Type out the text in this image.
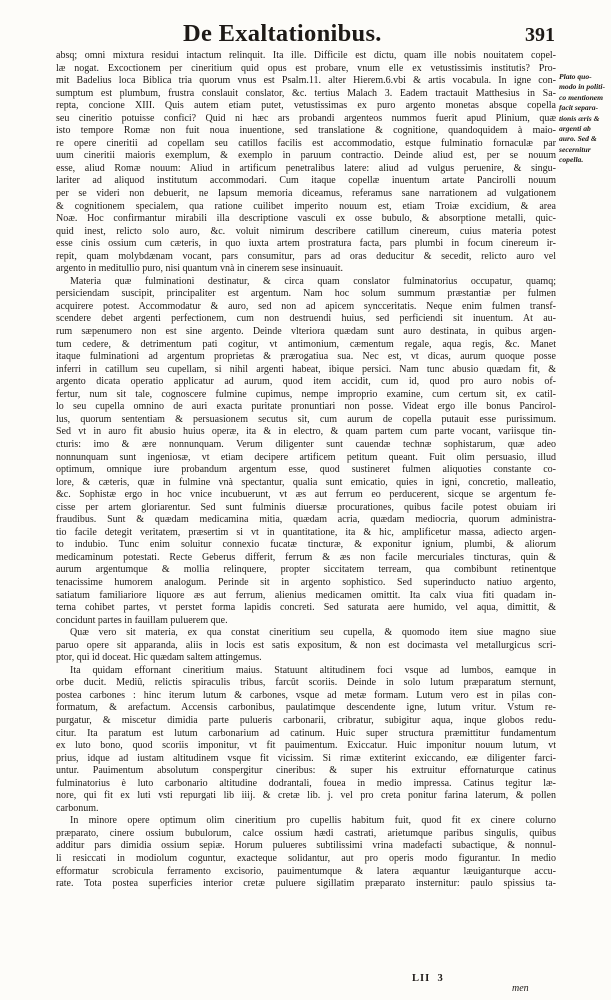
De Exaltationibus.	391
absq; omni mixtura residui intactum relinquit. Ita ille. Difficile est dictu, quam ille nobis nouitatem copel-
læ nogat. Excoctionem per cineritium quid opus est probare, vnum elle ex vetustissimis institutis? Pro-
mit Badelius loca Biblica tria quorum vnus est Psalm.11. alter Hierem.6.vbi & artis vocabula. In igne con-
sumptum est plumbum, frustra conslauit conslator, &c. tertius Malach 3. Eadem tractauit Matthesius in Sa-
repta, concione XIII. Quis autem etiam putet, vetustissimas ex puro argento monetas absque copella
seu cineritio potuisse confici? Quid ni hæc ars probandi argenteos nummos fuerit apud Plinium, quæ
isto tempore Romæ non fuit noua inuentione, sed translatione & cognitione, quandoquidem à maio-
re opere cineritii ad copellam seu catillos facilis est accommodatio, estque fulminatio fornaculæ par
uum cineritii maioris exemplum, & exemplo in paruum contractio. Deinde aliud est, per se nouum
esse, aliud Romæ nouum: Aliud in artificum penetralibus latere: aliud ad vulgus peruenire, & singu-
lariter ad aliquod institutum accommodari. Cum itaque copellæ inuentum artate Pancirolli nouum
per se videri non debuerit, ne Iapsum memoria diceamus, referamus sane narrationem ad vulgationem
& cognitionem specialem, qua ratione cuilibet imperito nouum est, etiam Troiæ excidium, & area
Noæ. Hoc confirmantur mirabili illa descriptione vasculi ex osse bubulo, & absorptione metalli, quic-
quid inest, relicto solo auro, &c. voluit nimirum describere catillum cinereum, cuius materia potest
esse cinis ossium cum cæteris, in quo iuxta artem prostratura facta, pars plumbi in focum cinereum ir-
repit, quam molybdænam vocant, pars consumitur, pars ad oras deducitur & secedit, relicto auro vel
argento in meditullio puro, nisi quantum vnà in cinerem sese insinuauit.
Materia quæ fulminationi destinatur, & circa quam conslator fulminatorius occupatur, quamq;
persiciendam suscipit, principaliter est argentum. Nam hoc solum summum præstantiæ per fulmen
acquirere potest. Accommodatur & auro, sed non ad apicem syncceritatis. Neque enim fulmen transf-
scendere debet argenti perfectionem, cum non destruendi huius, sed perficiendi sit inuentum. At au-
rum sæpenumero non est sine argento. Deinde vlteriora quædam sunt auro destinata, in quibus argen-
tum cedere, & detrimentum pati cogitur, vt antimonium, cæmentum regale, aqua regis, &c. Manet
itaque fulminationi ad argentum proprietas & prærogatiua sua. Nec est, vt dicas, aurum quoque posse
inferri in catillum seu cupellam, si nihil argenti habeat, ibique persici. Nam tunc abusio quædam fit, &
argento dicata operatio applicatur ad aurum, quod item accidit, cum id, quod pro auro nobis of-
fertur, num sit tale, cognoscere fulmine cupimus, nempe improprio examine, cum certum sit, ex catil-
lo seu cupella omnino de auri exacta puritate pronuntiari non posse. Videat ergo ille bonus Pancirol-
lus, quorum sententiam & persuasionem secutus sit, cum aurum de copella putauit esse purissimum.
Sed vt in auro fit abusio huius operæ, ita & in electro, & quam partem cum parte vocant, variisque tin-
cturis: imo & ære nonnunquam. Verum diligenter sunt cauendæ technæ sophistarum, quæ adeo
nonnunquam sunt ingeniosæ, vt etiam decipere artificem petitum queant. Fuit olim persuasio, illud
optimum, omnique iure probandum argentum esse, quod sustineret fulmen aliquoties constante co-
lore, & cæteris, quæ in fulmine vnà spectantur, qualia sunt emicatio, quies in igni, concretio, malleatio,
&c. Sophistæ ergo in hoc vnice incubuerunt, vt æs aut ferrum eo perducerent, sicque se argentum fe-
cisse per artem gloriarentur. Sed sunt fulminis diuersæ procurationes, quibus facile potest obuiam iri
fraudibus. Sunt & quædam medicamina mitia, quædam acria, quædam mediocria, quorum administra-
tio facile detegit veritatem, præsertim si vt in quantitatione, ita & hic, amplificetur massa, adiecto argen-
to indubio. Tunc enim soluitur connexio fucatæ tincturæ, & exponitur ignium, plumbi, & aliorum
medicaminum potestati. Recte Geberus differit, ferrum & æs non facile mercuriales tincturas, quin &
aurum argentumque & mollia relinquere, propter siccitatem terream, qua combibunt retinentque
tenacissime humorem analogum. Perinde sit in argento sophistico. Sed superinducto natiuo argento,
satiatum familiariore liquore æs aut ferrum, alienius medicamen omittit. Ita calx viua fiti quadam in-
terna cohibet partes, vt perstet forma lapidis concreti. Sed saturata aere humido, vel aqua, dimittit, &
concidunt partes in fauillam puluerem que.
Quæ vero sit materia, ex qua constat cineritium seu cupella, & quomodo item siue magno siue
paruo opere sit apparanda, aliis in locis est satis expositum, & non est docimasta vel metallurgicus scri-
ptor, qui id doceat. Hic quædam saltem attingemus.
Ita quidam effornant cineritium maius. Statuunt altitudinem foci vsque ad lumbos, eamque in
orbe ducit. Mediû, relictis spiraculis tribus, farcût scoriis. Deinde in solo lutum præparatum sternunt,
postea carbones : hinc iterum lutum & carbones, vsque ad metæ formam. Lutum vero est in pilas con-
formatum, & arefactum. Accensis carbonibus, paulatimque descendente igne, lutum vritur. Vstum re-
purgatur, & miscetur dimidia parte pulueris carbonarii, cribratur, subigitur aqua, inque globos redu-
citur. Ita paratum est lutum carbonarium ad catinum. Huic super structura præmittitur fundamentum
ex luto bono, quod scoriis imponitur, vt fit pauimentum. Exiccatur. Huic imponitur nouum lutum, vt
prius, idque ad iustam altitudinem vsque fit vicissim. Si rimæ extiterint exiccando, eæ diligenter farci-
untur. Pauimentum absolutum conspergitur cineribus: & super his extruitur effornaturque catinus
fulminatorius è luto carbonario altitudine dodrantali, fouea in medio impressa. Catinus tegitur læ-
nore, qui fit ex luti vsti repurgati lib iiij. & cretæ lib. j. vel pro creta ponitur farina laterum, & pollen
carbonum.
In minore opere optimum olim cineritium pro cupellis habitum fuit, quod fit ex cinere colurno
præparato, cinere ossium bubulorum, calce ossium hædi castrati, arietumque paribus singulis, quibus
additur pars dimidia ossium sepiæ. Horum pulueres subtilissimi vrina madefacti subactique, & nonnul-
li resiccati in modiolum coguntur, exacteque solidantur, aut pro operis modo figurantur. In medio
efformatur scrobicula ferramento excisorio, pauimentumque & latera æquantur læuiganturque accu-
rate. Tota postea superficies interior cretæ puluere sigillatim præparato insternitur: paulo spissius ta-
Plato quo-
modo in politi-
co mentionem
facit separa-
tionis æris &
argenti ab
auro. Sed &
secernitur
copella.
LII 3
men
